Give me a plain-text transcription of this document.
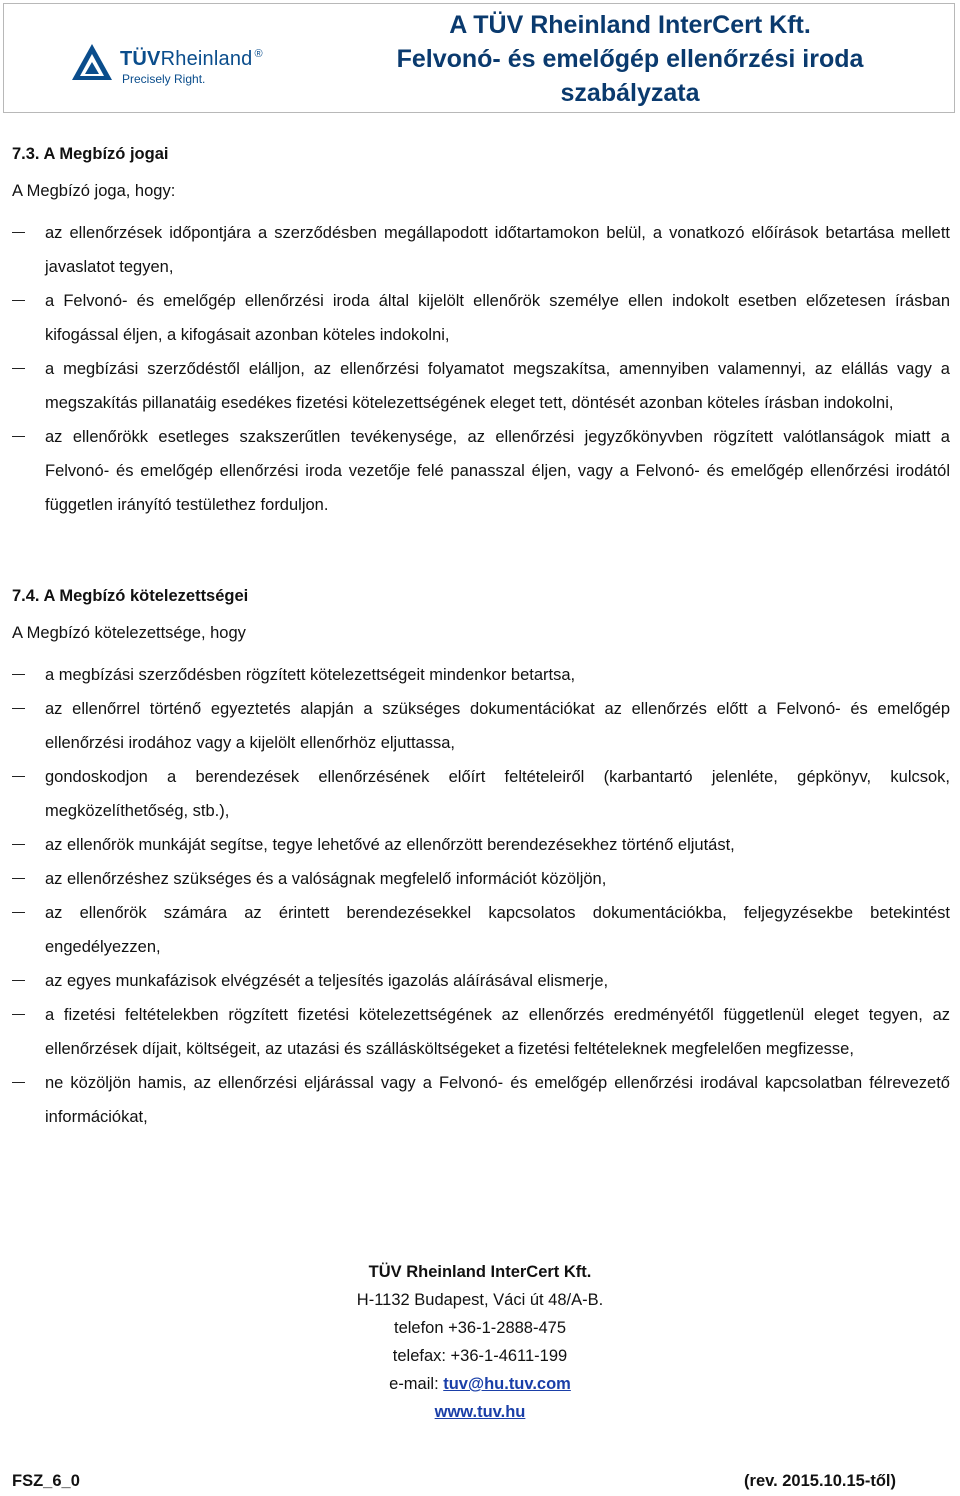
TÜVRheinland ®
Precisely Right.
A TÜV Rheinland InterCert Kft.
Felvonó- és emelőgép ellenőrzési iroda
szabályzata
7.3. A Megbízó jogai
A Megbízó joga, hogy:
az ellenőrzések időpontjára a szerződésben megállapodott időtartamokon belül, a vonatkozó előírások betartása mellett javaslatot tegyen,
a Felvonó- és emelőgép ellenőrzési iroda által kijelölt ellenőrök személye ellen indokolt esetben előzetesen írásban kifogással éljen, a kifogásait azonban köteles indokolni,
a megbízási szerződéstől elálljon, az ellenőrzési folyamatot megszakítsa, amennyiben valamennyi, az elállás vagy a megszakítás pillanatáig esedékes fizetési kötelezettségének eleget tett, döntését azonban köteles írásban indokolni,
az ellenőrökk esetleges szakszerűtlen tevékenysége, az ellenőrzési jegyzőkönyvben rögzített valótlanságok miatt a Felvonó- és emelőgép ellenőrzési iroda vezetője felé panasszal éljen, vagy a Felvonó- és emelőgép ellenőrzési irodától független irányító testülethez forduljon.
7.4. A Megbízó kötelezettségei
A Megbízó kötelezettsége, hogy
a megbízási szerződésben rögzített kötelezettségeit mindenkor betartsa,
az ellenőrrel történő egyeztetés alapján a szükséges dokumentációkat az ellenőrzés előtt a Felvonó- és emelőgép ellenőrzési irodához vagy a kijelölt ellenőrhöz eljuttassa,
gondoskodjon a berendezések ellenőrzésének előírt feltételeiről (karbantartó jelenléte, gépkönyv, kulcsok, megközelíthetőség, stb.),
az ellenőrök munkáját segítse, tegye lehetővé az ellenőrzött berendezésekhez történő eljutást,
az ellenőrzéshez szükséges és a valóságnak megfelelő információt közöljön,
az ellenőrök számára az érintett berendezésekkel kapcsolatos dokumentációkba, feljegyzésekbe betekintést engedélyezzen,
az egyes munkafázisok elvégzését a teljesítés igazolás aláírásával elismerje,
a fizetési feltételekben rögzített fizetési kötelezettségének az ellenőrzés eredményétől függetlenül eleget tegyen, az ellenőrzések díjait, költségeit, az utazási és szállásköltségeket a fizetési feltételeknek megfelelően megfizesse,
ne közöljön hamis, az ellenőrzési eljárással vagy a Felvonó- és emelőgép ellenőrzési irodával kapcsolatban félrevezető információkat,
TÜV Rheinland InterCert Kft.
H-1132 Budapest, Váci út 48/A-B.
telefon +36-1-2888-475
telefax: +36-1-4611-199
e-mail: tuv@hu.tuv.com
www.tuv.hu
FSZ_6_0	(rev. 2015.10.15-től)
